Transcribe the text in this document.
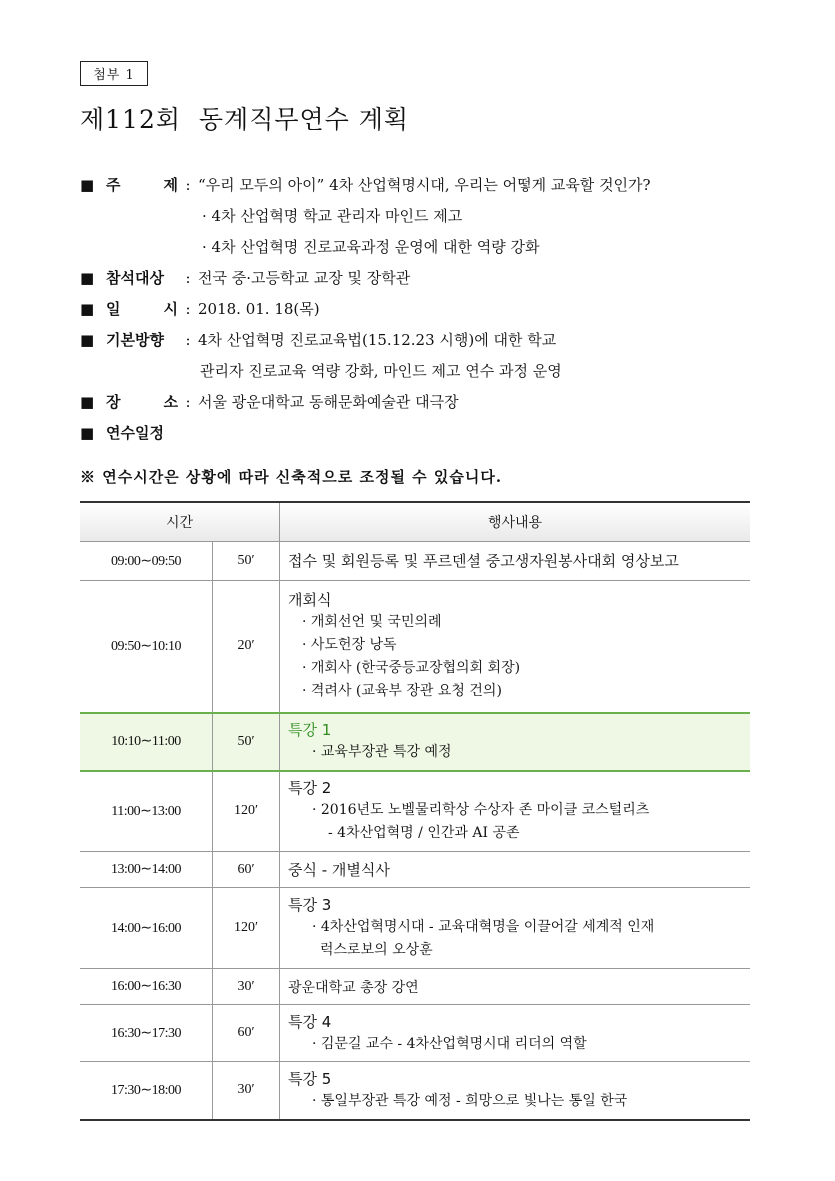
첨부 1
제112회  동계직무연수 계획
■ 주 제 : “우리 모두의 아이” 4차 산업혁명시대, 우리는 어떻게 교육할 것인가?
· 4차 산업혁명 학교 관리자 마인드 제고
· 4차 산업혁명 진로교육과정 운영에 대한 역량 강화
■ 참석대상	: 전국 중·고등학교 교장 및 장학관
■ 일 시 : 2018. 01. 18(목)
■ 기본방향	: 4차 산업혁명 진로교육법(15.12.23 시행)에 대한 학교
관리자 진로교육 역량 강화, 마인드 제고 연수 과정 운영
■ 장 소 : 서울 광운대학교 동해문화예술관 대극장
■ 연수일정
※ 연수시간은 상황에 따라 신축적으로 조정될 수 있습니다.
시간		행사내용
09:00∼09:50	50′	접수 및 회원등록 및 푸르덴셜 중고생자원봉사대회 영상보고

09:50∼10:10	20′	개회식
· 개회선언 및 국민의례
· 사도헌장 낭독
· 개회사 (한국중등교장협의회 회장)
· 격려사 (교육부 장관 요청 건의)

10:10∼11:00	50′	특강 1
· 교육부장관 특강 예정

11:00∼13:00	120′	특강 2
· 2016년도 노벨물리학상 수상자 존 마이클 코스털리츠
- 4차산업혁명 / 인간과 AI 공존

13:00∼14:00	60′	중식 - 개별식사

14:00∼16:00	120′	특강 3
· 4차산업혁명시대 - 교육대혁명을 이끌어갈 세계적 인재
럭스로보의 오상훈

16:00∼16:30	30′	광운대학교 총장 강연

16:30∼17:30	60′	특강 4
· 김문길 교수 - 4차산업혁명시대 리더의 역할

17:30∼18:00	30′	특강 5
· 통일부장관 특강 예정 - 희망으로 빛나는 통일 한국
